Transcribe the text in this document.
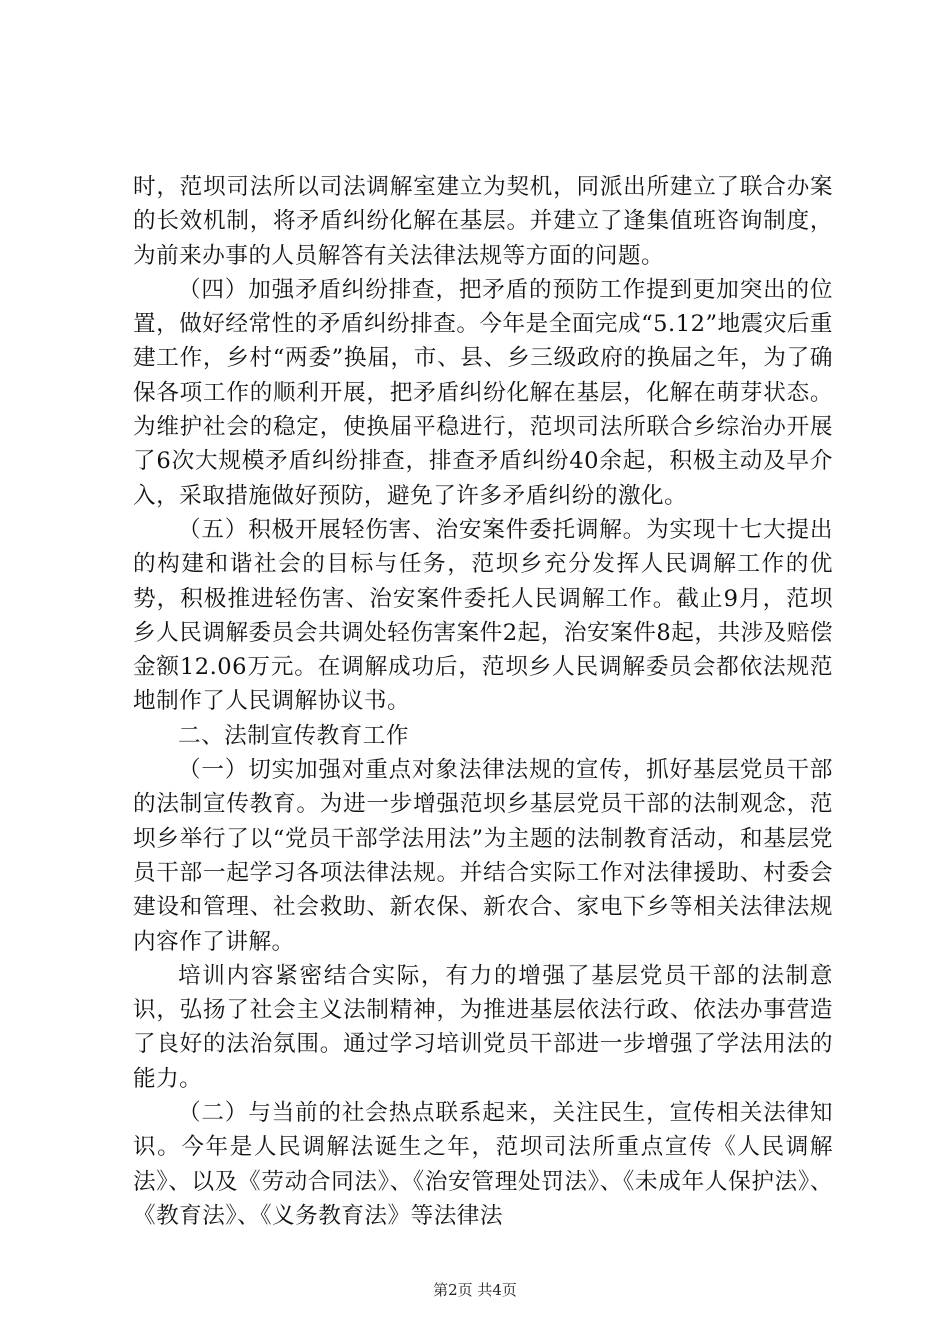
时，范坝司法所以司法调解室建立为契机，同派出所建立了联合办案的长效机制，将矛盾纠纷化解在基层。并建立了逢集值班咨询制度，为前来办事的人员解答有关法律法规等方面的问题。

（四）加强矛盾纠纷排查，把矛盾的预防工作提到更加突出的位置，做好经常性的矛盾纠纷排查。今年是全面完成“5.12”地震灾后重建工作，乡村“两委”换届，市、县、乡三级政府的换届之年，为了确保各项工作的顺利开展，把矛盾纠纷化解在基层，化解在萌芽状态。为维护社会的稳定，使换届平稳进行，范坝司法所联合乡综治办开展了6次大规模矛盾纠纷排查，排查矛盾纠纷40余起，积极主动及早介入，采取措施做好预防，避免了许多矛盾纠纷的激化。

（五）积极开展轻伤害、治安案件委托调解。为实现十七大提出的构建和谐社会的目标与任务，范坝乡充分发挥人民调解工作的优势，积极推进轻伤害、治安案件委托人民调解工作。截止9月，范坝乡人民调解委员会共调处轻伤害案件2起，治安案件8起，共涉及赔偿金额12.06万元。在调解成功后，范坝乡人民调解委员会都依法规范地制作了人民调解协议书。

二、法制宣传教育工作

（一）切实加强对重点对象法律法规的宣传，抓好基层党员干部的法制宣传教育。为进一步增强范坝乡基层党员干部的法制观念，范坝乡举行了以“党员干部学法用法”为主题的法制教育活动，和基层党员干部一起学习各项法律法规。并结合实际工作对法律援助、村委会建设和管理、社会救助、新农保、新农合、家电下乡等相关法律法规内容作了讲解。

培训内容紧密结合实际，有力的增强了基层党员干部的法制意识，弘扬了社会主义法制精神，为推进基层依法行政、依法办事营造了良好的法治氛围。通过学习培训党员干部进一步增强了学法用法的能力。

（二）与当前的社会热点联系起来，关注民生，宣传相关法律知识。今年是人民调解法诞生之年，范坝司法所重点宣传《人民调解法》、以及《劳动合同法》、《治安管理处罚法》、《未成年人保护法》、《教育法》、《义务教育法》等法律法

第2页 共4页
